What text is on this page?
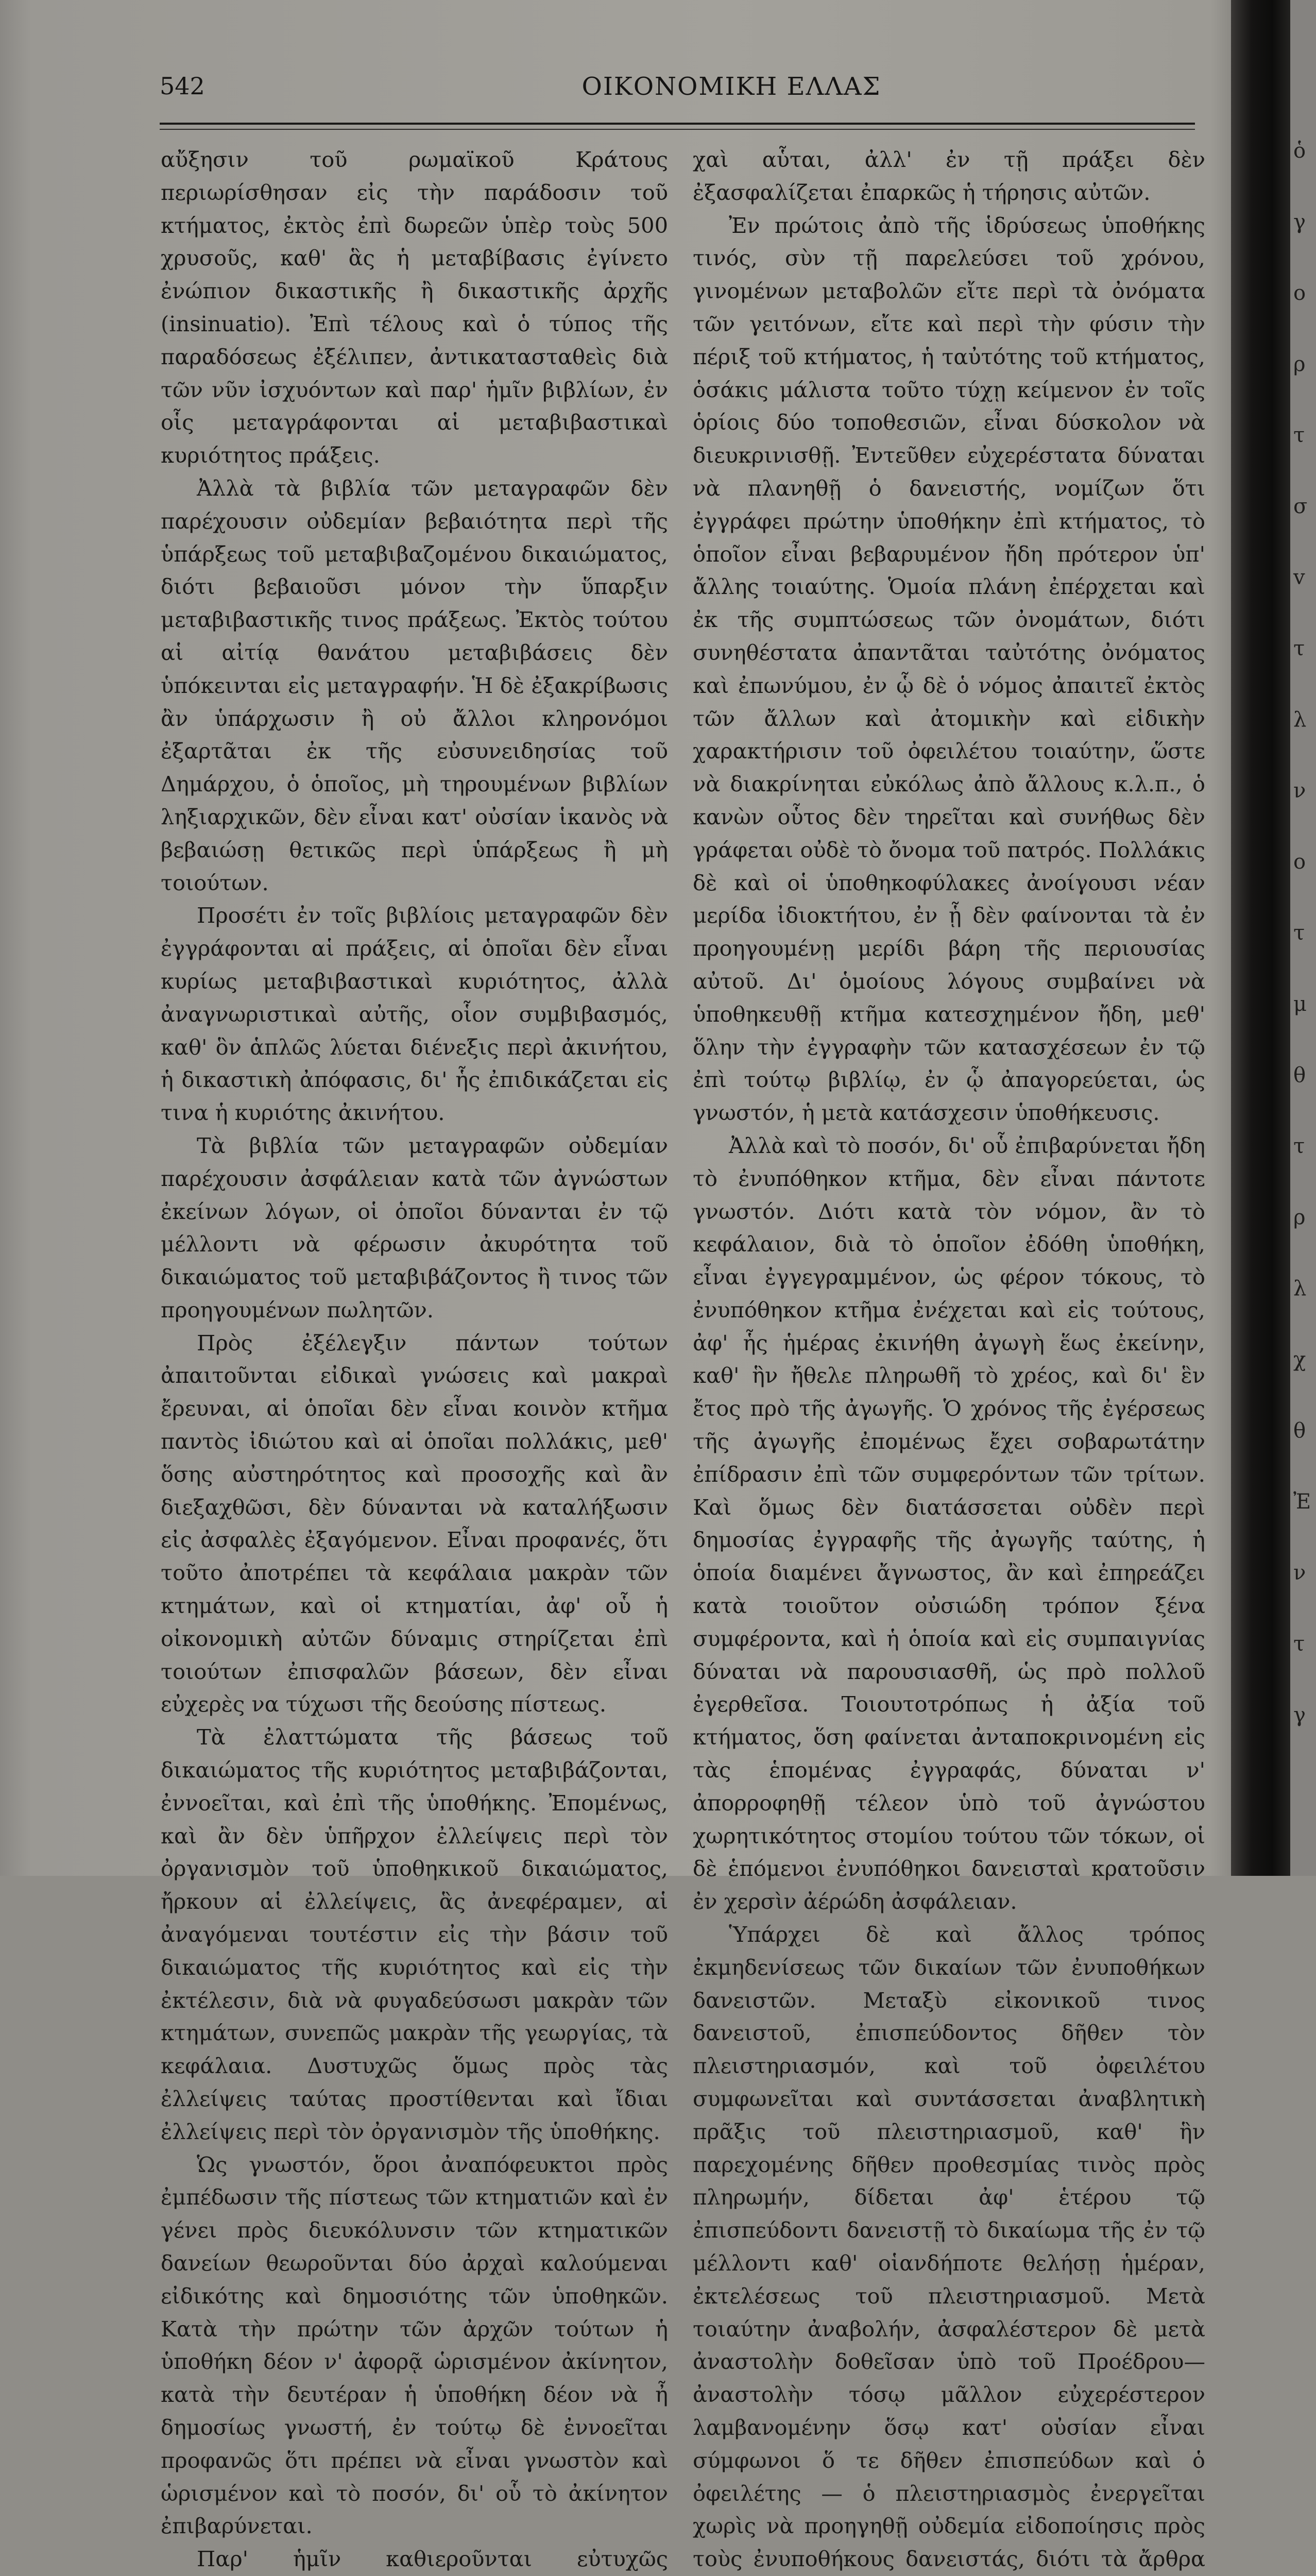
542	ΟΙΚΟΝΟΜΙΚΗ ΕΛΛΑΣ

αὔξησιν τοῦ ρωμαϊκοῦ Κράτους περιωρίσθησαν εἰς τὴν παράδοσιν τοῦ κτήματος, ἐκτὸς ἐπὶ δωρεῶν ὑπὲρ τοὺς 500 χρυσοῦς, καθ' ἃς ἡ μεταβίβασις ἐγίνετο ἐνώπιον δικαστικῆς ἢ δικαστικῆς ἀρχῆς (insinuatio). Ἐπὶ τέλους καὶ ὁ τύπος τῆς παραδόσεως ἐξέλιπεν, ἀντικατασταθεὶς διὰ τῶν νῦν ἰσχυόντων καὶ παρ' ἡμῖν βιβλίων, ἐν οἷς μεταγράφονται αἱ μεταβιβαστικαὶ κυριότητος πράξεις.

Ἀλλὰ τὰ βιβλία τῶν μεταγραφῶν δὲν παρέχουσιν οὐδεμίαν βεβαιότητα περὶ τῆς ὑπάρξεως τοῦ μεταβιβαζομένου δικαιώματος, διότι βεβαιοῦσι μόνον τὴν ὕπαρξιν μεταβιβαστικῆς τινος πράξεως. Ἐκτὸς τούτου αἱ αἰτίᾳ θανάτου μεταβιβάσεις δὲν ὑπόκεινται εἰς μεταγραφήν. Ἡ δὲ ἐξακρίβωσις ἂν ὑπάρχωσιν ἢ οὐ ἄλλοι κληρονόμοι ἐξαρτᾶται ἐκ τῆς εὐσυνειδησίας τοῦ Δημάρχου, ὁ ὁποῖος, μὴ τηρουμένων βιβλίων ληξιαρχικῶν, δὲν εἶναι κατ' οὐσίαν ἱκανὸς νὰ βεβαιώσῃ θετικῶς περὶ ὑπάρξεως ἢ μὴ τοιούτων.

Προσέτι ἐν τοῖς βιβλίοις μεταγραφῶν δὲν ἐγγράφονται αἱ πράξεις, αἱ ὁποῖαι δὲν εἶναι κυρίως μεταβιβαστικαὶ κυριότητος, ἀλλὰ ἀναγνωριστικαὶ αὐτῆς, οἷον συμβιβασμός, καθ' ὃν ἁπλῶς λύεται διένεξις περὶ ἀκινήτου, ἡ δικαστικὴ ἀπόφασις, δι' ἧς ἐπιδικάζεται εἰς τινα ἡ κυριότης ἀκινήτου.

Τὰ βιβλία τῶν μεταγραφῶν οὐδεμίαν παρέχουσιν ἀσφάλειαν κατὰ τῶν ἀγνώστων ἐκείνων λόγων, οἱ ὁποῖοι δύνανται ἐν τῷ μέλλοντι νὰ φέρωσιν ἀκυρότητα τοῦ δικαιώματος τοῦ μεταβιβάζοντος ἢ τινος τῶν προηγουμένων πωλητῶν.

Πρὸς ἐξέλεγξιν πάντων τούτων ἀπαιτοῦνται εἰδικαὶ γνώσεις καὶ μακραὶ ἔρευναι, αἱ ὁποῖαι δὲν εἶναι κοινὸν κτῆμα παντὸς ἰδιώτου καὶ αἱ ὁποῖαι πολλάκις, μεθ' ὅσης αὐστηρότητος καὶ προσοχῆς καὶ ἂν διεξαχθῶσι, δὲν δύνανται νὰ καταλήξωσιν εἰς ἀσφαλὲς ἐξαγόμενον. Εἶναι προφανές, ὅτι τοῦτο ἀποτρέπει τὰ κεφάλαια μακρὰν τῶν κτημάτων, καὶ οἱ κτηματίαι, ἀφ' οὗ ἡ οἰκονομικὴ αὐτῶν δύναμις στηρίζεται ἐπὶ τοιούτων ἐπισφαλῶν βάσεων, δὲν εἶναι εὐχερὲς να τύχωσι τῆς δεούσης πίστεως.

Τὰ ἐλαττώματα τῆς βάσεως τοῦ δικαιώματος τῆς κυριότητος μεταβιβάζονται, ἐννοεῖται, καὶ ἐπὶ τῆς ὑποθήκης. Ἐπομένως, καὶ ἂν δὲν ὑπῆρχον ἐλλείψεις περὶ τὸν ὀργανισμὸν τοῦ ὑποθηκικοῦ δικαιώματος, ἤρκουν αἱ ἐλλείψεις, ἃς ἀνεφέραμεν, αἱ ἀναγόμεναι τουτέστιν εἰς τὴν βάσιν τοῦ δικαιώματος τῆς κυριότητος καὶ εἰς τὴν ἐκτέλεσιν, διὰ νὰ φυγαδεύσωσι μακρὰν τῶν κτημάτων, συνεπῶς μακρὰν τῆς γεωργίας, τὰ κεφάλαια. Δυστυχῶς ὅμως πρὸς τὰς ἐλλείψεις ταύτας προστίθενται καὶ ἴδιαι ἐλλείψεις περὶ τὸν ὀργανισμὸν τῆς ὑποθήκης.

Ὡς γνωστόν, ὅροι ἀναπόφευκτοι πρὸς ἐμπέδωσιν τῆς πίστεως τῶν κτηματιῶν καὶ ἐν γένει πρὸς διευκόλυνσιν τῶν κτηματικῶν δανείων θεωροῦνται δύο ἀρχαὶ καλούμεναι εἰδικότης καὶ δημοσιότης τῶν ὑποθηκῶν. Κατὰ τὴν πρώτην τῶν ἀρχῶν τούτων ἡ ὑποθήκη δέον ν' ἀφορᾷ ὡρισμένον ἀκίνητον, κατὰ τὴν δευτέραν ἡ ὑποθήκη δέον νὰ ἦ δημοσίως γνωστή, ἐν τούτῳ δὲ ἐννοεῖται προφανῶς ὅτι πρέπει νὰ εἶναι γνωστὸν καὶ ὡρισμένον καὶ τὸ ποσόν, δι' οὗ τὸ ἀκίνητον ἐπιβαρύνεται.

Παρ' ἡμῖν καθιεροῦνται εὐτυχῶς

χαὶ αὗται, ἀλλ' ἐν τῇ πράξει δὲν ἐξασφαλίζεται ἐπαρκῶς ἡ τήρησις αὐτῶν.

Ἐν πρώτοις ἀπὸ τῆς ἱδρύσεως ὑποθήκης τινός, σὺν τῇ παρελεύσει τοῦ χρόνου, γινομένων μεταβολῶν εἴτε περὶ τὰ ὀνόματα τῶν γειτόνων, εἴτε καὶ περὶ τὴν φύσιν τὴν πέριξ τοῦ κτήματος, ἡ ταὐτότης τοῦ κτήματος, ὁσάκις μάλιστα τοῦτο τύχῃ κείμενον ἐν τοῖς ὁρίοις δύο τοποθεσιῶν, εἶναι δύσκολον νὰ διευκρινισθῇ. Ἐντεῦθεν εὐχερέστατα δύναται νὰ πλανηθῇ ὁ δανειστής, νομίζων ὅτι ἐγγράφει πρώτην ὑποθήκην ἐπὶ κτήματος, τὸ ὁποῖον εἶναι βεβαρυμένον ἤδη πρότερον ὑπ' ἄλλης τοιαύτης. Ὁμοία πλάνη ἐπέρχεται καὶ ἐκ τῆς συμπτώσεως τῶν ὀνομάτων, διότι συνηθέστατα ἀπαντᾶται ταὐτότης ὀνόματος καὶ ἐπωνύμου, ἐν ᾧ δὲ ὁ νόμος ἀπαιτεῖ ἐκτὸς τῶν ἄλλων καὶ ἀτομικὴν καὶ εἰδικὴν χαρακτήρισιν τοῦ ὀφειλέτου τοιαύτην, ὥστε νὰ διακρίνηται εὐκόλως ἀπὸ ἄλλους κ.λ.π., ὁ κανὼν οὗτος δὲν τηρεῖται καὶ συνήθως δὲν γράφεται οὐδὲ τὸ ὄνομα τοῦ πατρός. Πολλάκις δὲ καὶ οἱ ὑποθηκοφύλακες ἀνοίγουσι νέαν μερίδα ἰδιοκτήτου, ἐν ᾗ δὲν φαίνονται τὰ ἐν προηγουμένῃ μερίδι βάρη τῆς περιουσίας αὐτοῦ. Δι' ὁμοίους λόγους συμβαίνει νὰ ὑποθηκευθῇ κτῆμα κατεσχημένον ἤδη, μεθ' ὅλην τὴν ἐγγραφὴν τῶν κατασχέσεων ἐν τῷ ἐπὶ τούτῳ βιβλίῳ, ἐν ᾧ ἀπαγορεύεται, ὡς γνωστόν, ἡ μετὰ κατάσχεσιν ὑποθήκευσις.

Ἀλλὰ καὶ τὸ ποσόν, δι' οὗ ἐπιβαρύνεται ἤδη τὸ ἐνυπόθηκον κτῆμα, δὲν εἶναι πάντοτε γνωστόν. Διότι κατὰ τὸν νόμον, ἂν τὸ κεφάλαιον, διὰ τὸ ὁποῖον ἐδόθη ὑποθήκη, εἶναι ἐγγεγραμμένον, ὡς φέρον τόκους, τὸ ἐνυπόθηκον κτῆμα ἐνέχεται καὶ εἰς τούτους, ἀφ' ἧς ἡμέρας ἐκινήθη ἀγωγὴ ἕως ἐκείνην, καθ' ἣν ἤθελε πληρωθῆ τὸ χρέος, καὶ δι' ἓν ἔτος πρὸ τῆς ἀγωγῆς. Ὁ χρόνος τῆς ἐγέρσεως τῆς ἀγωγῆς ἐπομένως ἔχει σοβαρωτάτην ἐπίδρασιν ἐπὶ τῶν συμφερόντων τῶν τρίτων. Καὶ ὅμως δὲν διατάσσεται οὐδὲν περὶ δημοσίας ἐγγραφῆς τῆς ἀγωγῆς ταύτης, ἡ ὁποία διαμένει ἄγνωστος, ἂν καὶ ἐπηρεάζει κατὰ τοιοῦτον οὐσιώδη τρόπον ξένα συμφέροντα, καὶ ἡ ὁποία καὶ εἰς συμπαιγνίας δύναται νὰ παρουσιασθῆ, ὡς πρὸ πολλοῦ ἐγερθεῖσα. Τοιουτοτρόπως ἡ ἀξία τοῦ κτήματος, ὅση φαίνεται ἀνταποκρινομένη εἰς τὰς ἑπομένας ἐγγραφάς, δύναται ν' ἀπορροφηθῇ τέλεον ὑπὸ τοῦ ἀγνώστου χωρητικότητος στομίου τούτου τῶν τόκων, οἱ δὲ ἑπόμενοι ἐνυπόθηκοι δανεισταὶ κρατοῦσιν ἐν χερσὶν ἀέρώδη ἀσφάλειαν.

Ὑπάρχει δὲ καὶ ἄλλος τρόπος ἐκμηδενίσεως τῶν δικαίων τῶν ἐνυποθήκων δανειστῶν. Μεταξὺ εἰκονικοῦ τινος δανειστοῦ, ἐπισπεύδοντος δῆθεν τὸν πλειστηριασμόν, καὶ τοῦ ὀφειλέτου συμφωνεῖται καὶ συντάσσεται ἀναβλητικὴ πρᾶξις τοῦ πλειστηριασμοῦ, καθ' ἣν παρεχομένης δῆθεν προθεσμίας τινὸς πρὸς πληρωμήν, δίδεται ἀφ' ἑτέρου τῷ ἐπισπεύδοντι δανειστῇ τὸ δικαίωμα τῆς ἐν τῷ μέλλοντι καθ' οἱανδήποτε θελήσῃ ἡμέραν, ἐκτελέσεως τοῦ πλειστηριασμοῦ. Μετὰ τοιαύτην ἀναβολήν, ἀσφαλέστερον δὲ μετὰ ἀναστολὴν δοθεῖσαν ὑπὸ τοῦ Προέδρου—ἀναστολὴν τόσῳ μᾶλλον εὐχερέστερον λαμβανομένην ὅσῳ κατ' οὐσίαν εἶναι σύμφωνοι ὅ τε δῆθεν ἐπισπεύδων καὶ ὁ ὀφειλέτης — ὁ πλειστηριασμὸς ἐνεργεῖται χωρὶς νὰ προηγηθῇ οὐδεμία εἰδοποίησις πρὸς τοὺς ἐνυποθήκους δανειστάς, διότι τὰ ἄρθρα

ὁ
γ
ο
ρ
τ
σ
v
τ
λ
ν
ο
τ
μ
θ
τ
ρ
λ
χ
θ
Ἐ
ν
τ
γ
